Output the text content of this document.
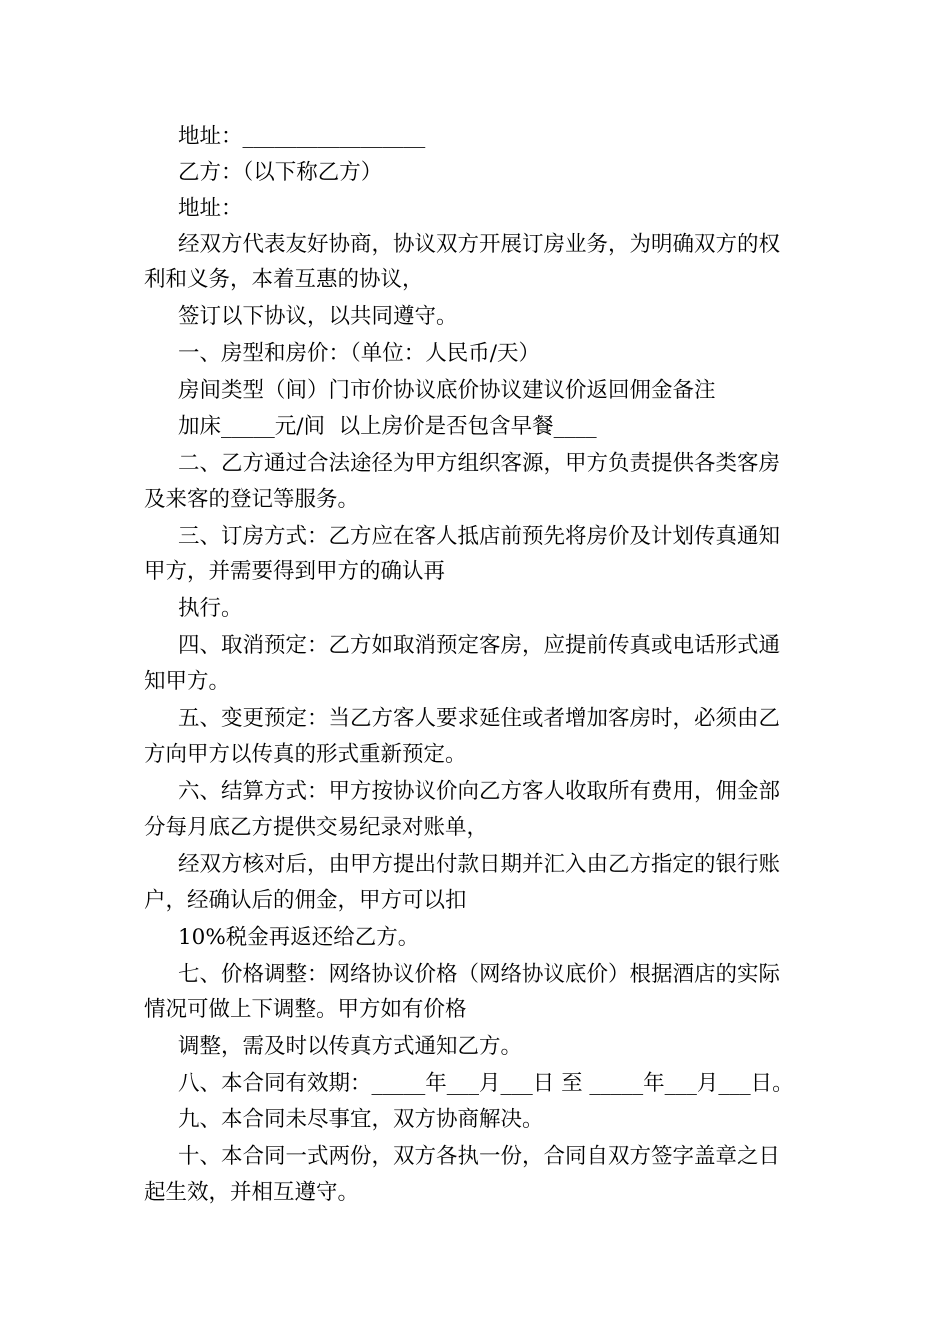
地址：_________________
乙方：（以下称乙方）
地址：
经双方代表友好协商，协议双方开展订房业务，为明确双方的权
利和义务，本着互惠的协议，
签订以下协议，以共同遵守。
一、房型和房价：（单位：人民币/天）
房间类型（间）门市价协议底价协议建议价返回佣金备注
加床_____元/间  以上房价是否包含早餐____
二、乙方通过合法途径为甲方组织客源，甲方负责提供各类客房
及来客的登记等服务。
三、订房方式：乙方应在客人抵店前预先将房价及计划传真通知
甲方，并需要得到甲方的确认再
执行。
四、取消预定：乙方如取消预定客房，应提前传真或电话形式通
知甲方。
五、变更预定：当乙方客人要求延住或者增加客房时，必须由乙
方向甲方以传真的形式重新预定。
六、结算方式：甲方按协议价向乙方客人收取所有费用，佣金部
分每月底乙方提供交易纪录对账单，
经双方核对后，由甲方提出付款日期并汇入由乙方指定的银行账
户，经确认后的佣金，甲方可以扣
10%税金再返还给乙方。
七、价格调整：网络协议价格（网络协议底价）根据酒店的实际
情况可做上下调整。甲方如有价格
调整，需及时以传真方式通知乙方。
八、本合同有效期：_____年___月___日 至 _____年___月___日。
九、本合同未尽事宜，双方协商解决。
十、本合同一式两份，双方各执一份，合同自双方签字盖章之日
起生效，并相互遵守。
